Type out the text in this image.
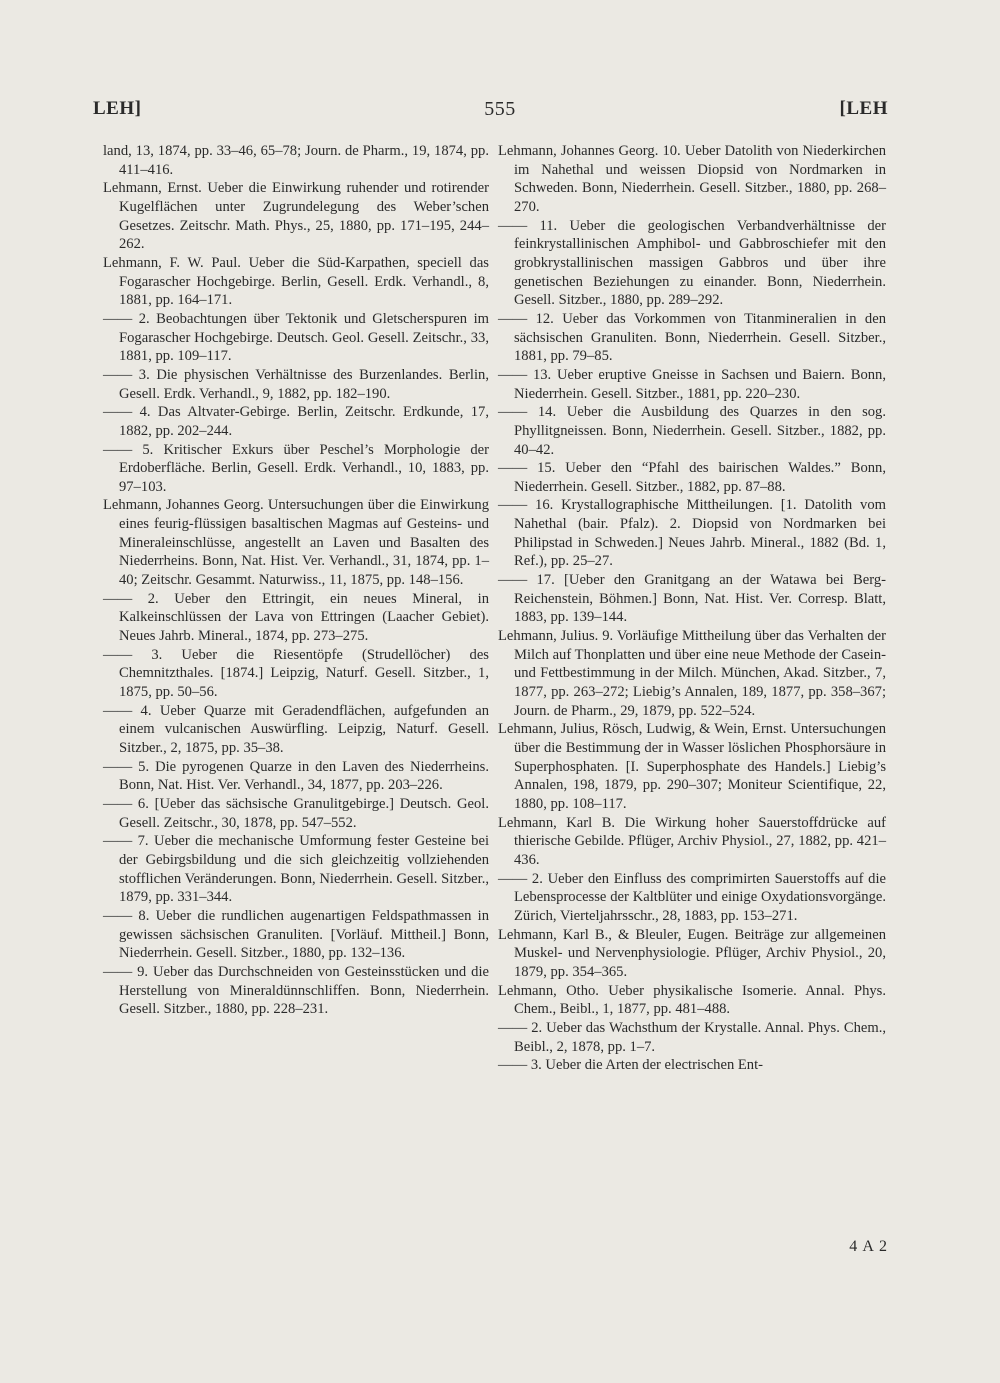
LEH]	555	[LEH

land, 13, 1874, pp. 33–46, 65–78; Journ. de Pharm., 19, 1874, pp. 411–416.

Lehmann, Ernst. Ueber die Einwirkung ruhender und rotirender Kugelflächen unter Zugrundelegung des Weber’schen Gesetzes. Zeitschr. Math. Phys., 25, 1880, pp. 171–195, 244–262.

Lehmann, F. W. Paul. Ueber die Süd-Karpathen, speciell das Fogarascher Hochgebirge. Berlin, Gesell. Erdk. Verhandl., 8, 1881, pp. 164–171.

—— 2. Beobachtungen über Tektonik und Gletscherspuren im Fogarascher Hochgebirge. Deutsch. Geol. Gesell. Zeitschr., 33, 1881, pp. 109–117.

—— 3. Die physischen Verhältnisse des Burzenlandes. Berlin, Gesell. Erdk. Verhandl., 9, 1882, pp. 182–190.

—— 4. Das Altvater-Gebirge. Berlin, Zeitschr. Erdkunde, 17, 1882, pp. 202–244.

—— 5. Kritischer Exkurs über Peschel’s Morphologie der Erdoberfläche. Berlin, Gesell. Erdk. Verhandl., 10, 1883, pp. 97–103.

Lehmann, Johannes Georg. Untersuchungen über die Einwirkung eines feurig-flüssigen basaltischen Magmas auf Gesteins- und Mineraleinschlüsse, angestellt an Laven und Basalten des Niederrheins. Bonn, Nat. Hist. Ver. Verhandl., 31, 1874, pp. 1–40; Zeitschr. Gesammt. Naturwiss., 11, 1875, pp. 148–156.

—— 2. Ueber den Ettringit, ein neues Mineral, in Kalkeinschlüssen der Lava von Ettringen (Laacher Gebiet). Neues Jahrb. Mineral., 1874, pp. 273–275.

—— 3. Ueber die Riesentöpfe (Strudellöcher) des Chemnitzthales. [1874.] Leipzig, Naturf. Gesell. Sitzber., 1, 1875, pp. 50–56.

—— 4. Ueber Quarze mit Geradendflächen, aufgefunden an einem vulcanischen Auswürfling. Leipzig, Naturf. Gesell. Sitzber., 2, 1875, pp. 35–38.

—— 5. Die pyrogenen Quarze in den Laven des Niederrheins. Bonn, Nat. Hist. Ver. Verhandl., 34, 1877, pp. 203–226.

—— 6. [Ueber das sächsische Granulitgebirge.] Deutsch. Geol. Gesell. Zeitschr., 30, 1878, pp. 547–552.

—— 7. Ueber die mechanische Umformung fester Gesteine bei der Gebirgsbildung und die sich gleichzeitig vollziehenden stofflichen Veränderungen. Bonn, Niederrhein. Gesell. Sitzber., 1879, pp. 331–344.

—— 8. Ueber die rundlichen augenartigen Feldspathmassen in gewissen sächsischen Granuliten. [Vorläuf. Mittheil.] Bonn, Niederrhein. Gesell. Sitzber., 1880, pp. 132–136.

—— 9. Ueber das Durchschneiden von Gesteinsstücken und die Herstellung von Mineraldünnschliffen. Bonn, Niederrhein. Gesell. Sitzber., 1880, pp. 228–231.

Lehmann, Johannes Georg. 10. Ueber Datolith von Niederkirchen im Nahethal und weissen Diopsid von Nordmarken in Schweden. Bonn, Niederrhein. Gesell. Sitzber., 1880, pp. 268–270.

—— 11. Ueber die geologischen Verbandverhältnisse der feinkrystallinischen Amphibol- und Gabbroschiefer mit den grobkrystallinischen massigen Gabbros und über ihre genetischen Beziehungen zu einander. Bonn, Niederrhein. Gesell. Sitzber., 1880, pp. 289–292.

—— 12. Ueber das Vorkommen von Titanmineralien in den sächsischen Granuliten. Bonn, Niederrhein. Gesell. Sitzber., 1881, pp. 79–85.

—— 13. Ueber eruptive Gneisse in Sachsen und Baiern. Bonn, Niederrhein. Gesell. Sitzber., 1881, pp. 220–230.

—— 14. Ueber die Ausbildung des Quarzes in den sog. Phyllitgneissen. Bonn, Niederrhein. Gesell. Sitzber., 1882, pp. 40–42.

—— 15. Ueber den “Pfahl des bairischen Waldes.” Bonn, Niederrhein. Gesell. Sitzber., 1882, pp. 87–88.

—— 16. Krystallographische Mittheilungen. [1. Datolith vom Nahethal (bair. Pfalz). 2. Diopsid von Nordmarken bei Philipstad in Schweden.] Neues Jahrb. Mineral., 1882 (Bd. 1, Ref.), pp. 25–27.

—— 17. [Ueber den Granitgang an der Watawa bei Berg-Reichenstein, Böhmen.] Bonn, Nat. Hist. Ver. Corresp. Blatt, 1883, pp. 139–144.

Lehmann, Julius. 9. Vorläufige Mittheilung über das Verhalten der Milch auf Thonplatten und über eine neue Methode der Casein- und Fettbestimmung in der Milch. München, Akad. Sitzber., 7, 1877, pp. 263–272; Liebig’s Annalen, 189, 1877, pp. 358–367; Journ. de Pharm., 29, 1879, pp. 522–524.

Lehmann, Julius, Rösch, Ludwig, & Wein, Ernst. Untersuchungen über die Bestimmung der in Wasser löslichen Phosphorsäure in Superphosphaten. [I. Superphosphate des Handels.] Liebig’s Annalen, 198, 1879, pp. 290–307; Moniteur Scientifique, 22, 1880, pp. 108–117.

Lehmann, Karl B. Die Wirkung hoher Sauerstoffdrücke auf thierische Gebilde. Pflüger, Archiv Physiol., 27, 1882, pp. 421–436.

—— 2. Ueber den Einfluss des comprimirten Sauerstoffs auf die Lebensprocesse der Kaltblüter und einige Oxydationsvorgänge. Zürich, Vierteljahrsschr., 28, 1883, pp. 153–271.

Lehmann, Karl B., & Bleuler, Eugen. Beiträge zur allgemeinen Muskel- und Nervenphysiologie. Pflüger, Archiv Physiol., 20, 1879, pp. 354–365.

Lehmann, Otho. Ueber physikalische Isomerie. Annal. Phys. Chem., Beibl., 1, 1877, pp. 481–488.

—— 2. Ueber das Wachsthum der Krystalle. Annal. Phys. Chem., Beibl., 2, 1878, pp. 1–7.

—— 3. Ueber die Arten der electrischen Ent-

4 A 2
